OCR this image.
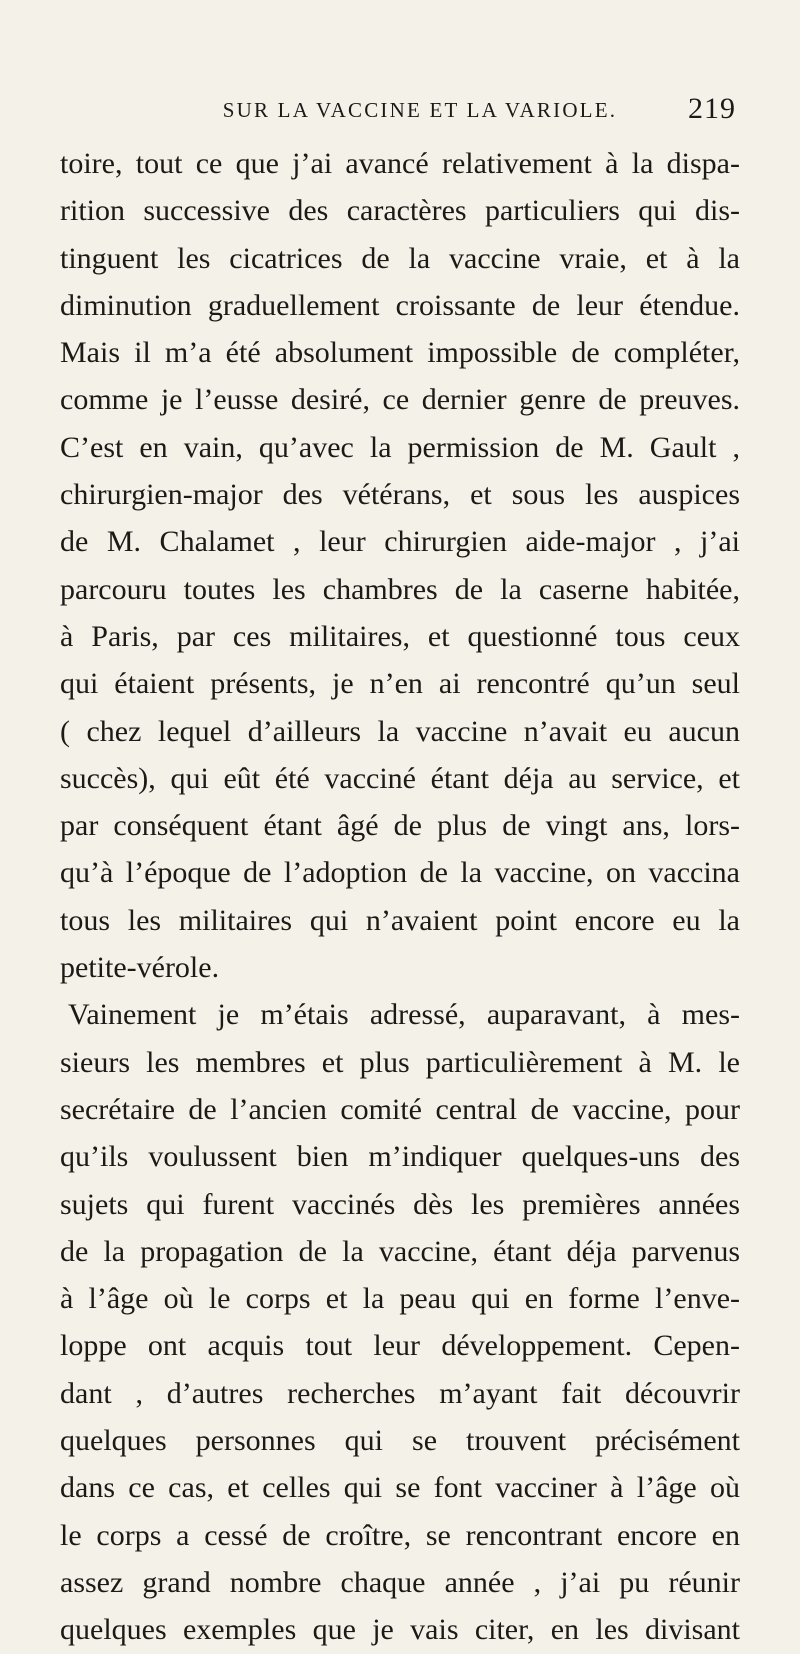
SUR LA VACCINE ET LA VARIOLE.	219
toire, tout ce que j’ai avancé relativement à la dispa-
rition successive des caractères particuliers qui dis-
tinguent les cicatrices de la vaccine vraie, et à la
diminution graduellement croissante de leur étendue.
Mais il m’a été absolument impossible de compléter,
comme je l’eusse desiré, ce dernier genre de preuves.
C’est en vain, qu’avec la permission de M. Gault ,
chirurgien-major des vétérans, et sous les auspices
de M. Chalamet , leur chirurgien aide-major , j’ai
parcouru toutes les chambres de la caserne habitée,
à Paris, par ces militaires, et questionné tous ceux
qui étaient présents, je n’en ai rencontré qu’un seul
( chez lequel d’ailleurs la vaccine n’avait eu aucun
succès), qui eût été vacciné étant déja au service, et
par conséquent étant âgé de plus de vingt ans, lors-
qu’à l’époque de l’adoption de la vaccine, on vaccina
tous les militaires qui n’avaient point encore eu la
petite-vérole.
Vainement je m’étais adressé, auparavant, à mes-
sieurs les membres et plus particulièrement à M. le
secrétaire de l’ancien comité central de vaccine, pour
qu’ils voulussent bien m’indiquer quelques-uns des
sujets qui furent vaccinés dès les premières années
de la propagation de la vaccine, étant déja parvenus
à l’âge où le corps et la peau qui en forme l’enve-
loppe ont acquis tout leur développement. Cepen-
dant , d’autres recherches m’ayant fait découvrir
quelques personnes qui se trouvent précisément
dans ce cas, et celles qui se font vacciner à l’âge où
le corps a cessé de croître, se rencontrant encore en
assez grand nombre chaque année , j’ai pu réunir
quelques exemples que je vais citer, en les divisant
